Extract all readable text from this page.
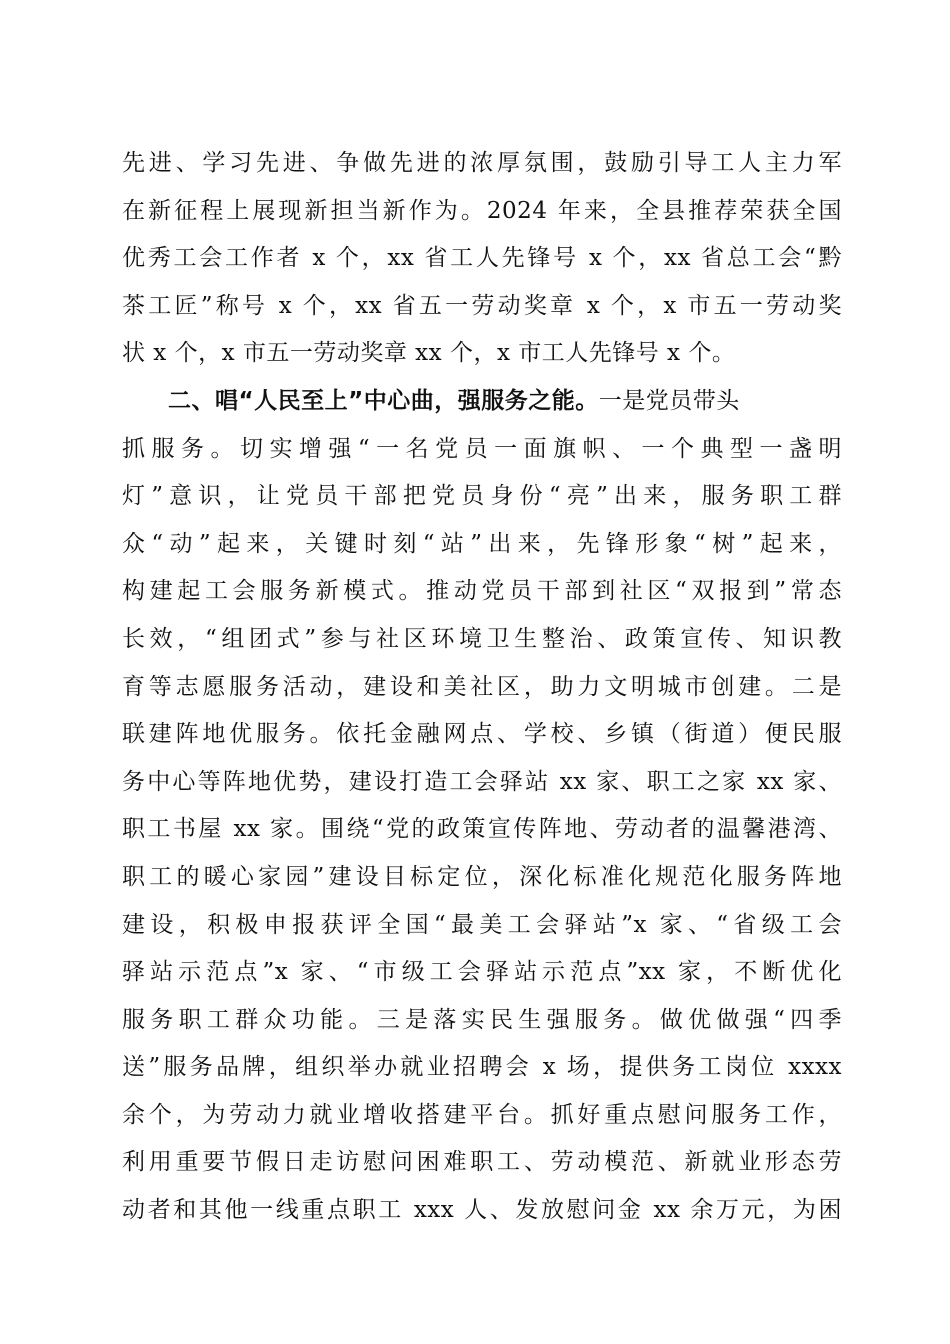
先进、学习先进、争做先进的浓厚氛围，鼓励引导工人主力军
在新征程上展现新担当新作为。2024 年来，全县推荐荣获全国
优秀工会工作者 x 个，xx 省工人先锋号 x 个，xx 省总工会“黔
茶工匠”称号 x 个，xx 省五一劳动奖章 x 个，x 市五一劳动奖
状 x 个，x 市五一劳动奖章 xx 个，x 市工人先锋号 x 个。
二、唱“人民至上”中心曲，强服务之能。一是党员带头
抓服务。切实增强“一名党员一面旗帜、一个典型一盏明
灯”意识，让党员干部把党员身份“亮”出来，服务职工群
众“动”起来，关键时刻“站”出来，先锋形象“树”起来，
构建起工会服务新模式。推动党员干部到社区“双报到”常态
长效，“组团式”参与社区环境卫生整治、政策宣传、知识教
育等志愿服务活动，建设和美社区，助力文明城市创建。二是
联建阵地优服务。依托金融网点、学校、乡镇（街道）便民服
务中心等阵地优势，建设打造工会驿站 xx 家、职工之家 xx 家、
职工书屋 xx 家。围绕“党的政策宣传阵地、劳动者的温馨港湾、
职工的暖心家园”建设目标定位，深化标准化规范化服务阵地
建设，积极申报获评全国“最美工会驿站”x 家、“省级工会
驿站示范点”x 家、“市级工会驿站示范点”xx 家，不断优化
服务职工群众功能。三是落实民生强服务。做优做强“四季
送”服务品牌，组织举办就业招聘会 x 场，提供务工岗位 xxxx
余个，为劳动力就业增收搭建平台。抓好重点慰问服务工作，
利用重要节假日走访慰问困难职工、劳动模范、新就业形态劳
动者和其他一线重点职工 xxx 人、发放慰问金 xx 余万元，为困
